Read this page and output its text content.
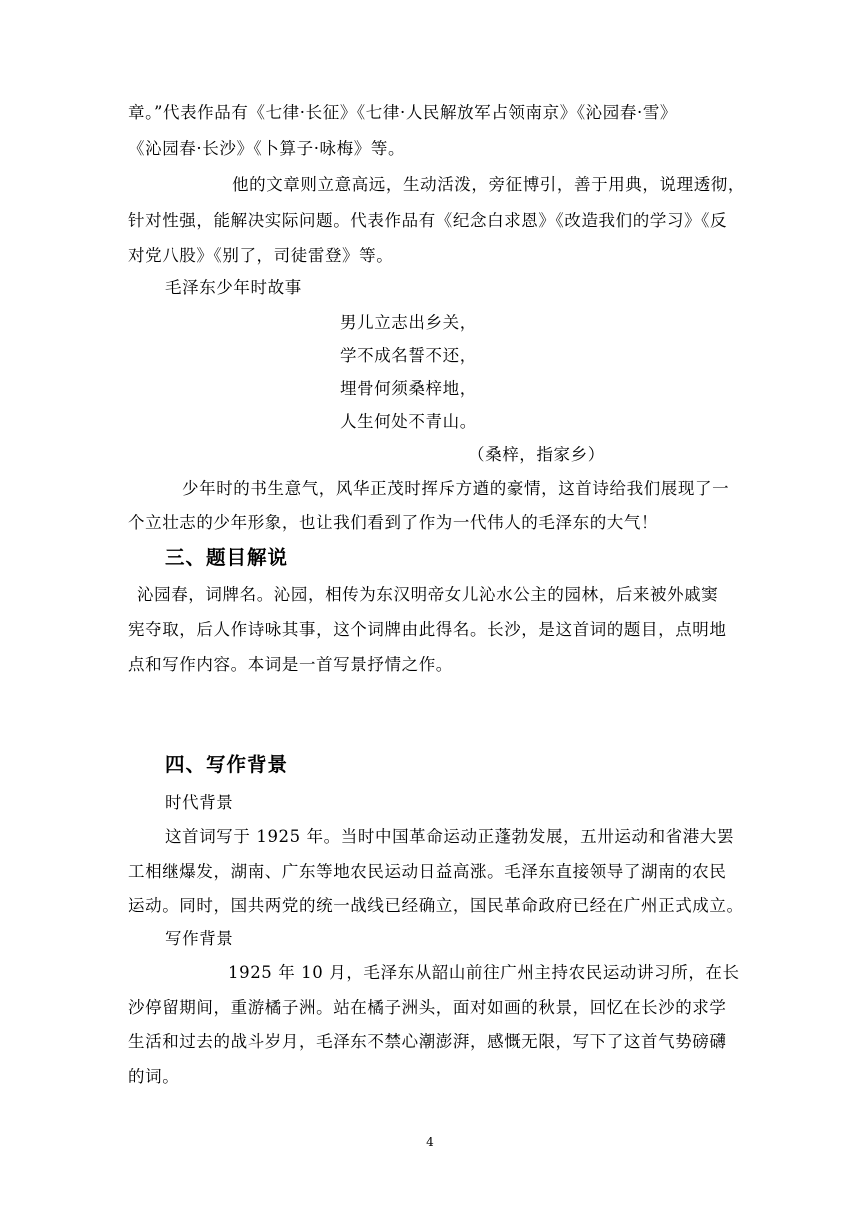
章。”代表作品有《七律·长征》《七律·人民解放军占领南京》《沁园春·雪》
《沁园春·长沙》《卜算子·咏梅》等。
他的文章则立意高远，生动活泼，旁征博引，善于用典，说理透彻，
针对性强，能解决实际问题。代表作品有《纪念白求恩》《改造我们的学习》《反
对党八股》《别了，司徒雷登》等。
毛泽东少年时故事
男儿立志出乡关，
学不成名誓不还，
埋骨何须桑梓地，
人生何处不青山。
（桑梓，指家乡）
少年时的书生意气，风华正茂时挥斥方遒的豪情，这首诗给我们展现了一
个立壮志的少年形象，也让我们看到了作为一代伟人的毛泽东的大气！
三、题目解说
沁园春，词牌名。沁园，相传为东汉明帝女儿沁水公主的园林，后来被外戚窦
宪夺取，后人作诗咏其事，这个词牌由此得名。长沙，是这首词的题目，点明地
点和写作内容。本词是一首写景抒情之作。
四、写作背景
时代背景
这首词写于 1925 年。当时中国革命运动正蓬勃发展，五卅运动和省港大罢
工相继爆发，湖南、广东等地农民运动日益高涨。毛泽东直接领导了湖南的农民
运动。同时，国共两党的统一战线已经确立，国民革命政府已经在广州正式成立。
写作背景
1925 年 10 月，毛泽东从韶山前往广州主持农民运动讲习所，在长
沙停留期间，重游橘子洲。站在橘子洲头，面对如画的秋景，回忆在长沙的求学
生活和过去的战斗岁月，毛泽东不禁心潮澎湃，感慨无限，写下了这首气势磅礴
的词。
4
